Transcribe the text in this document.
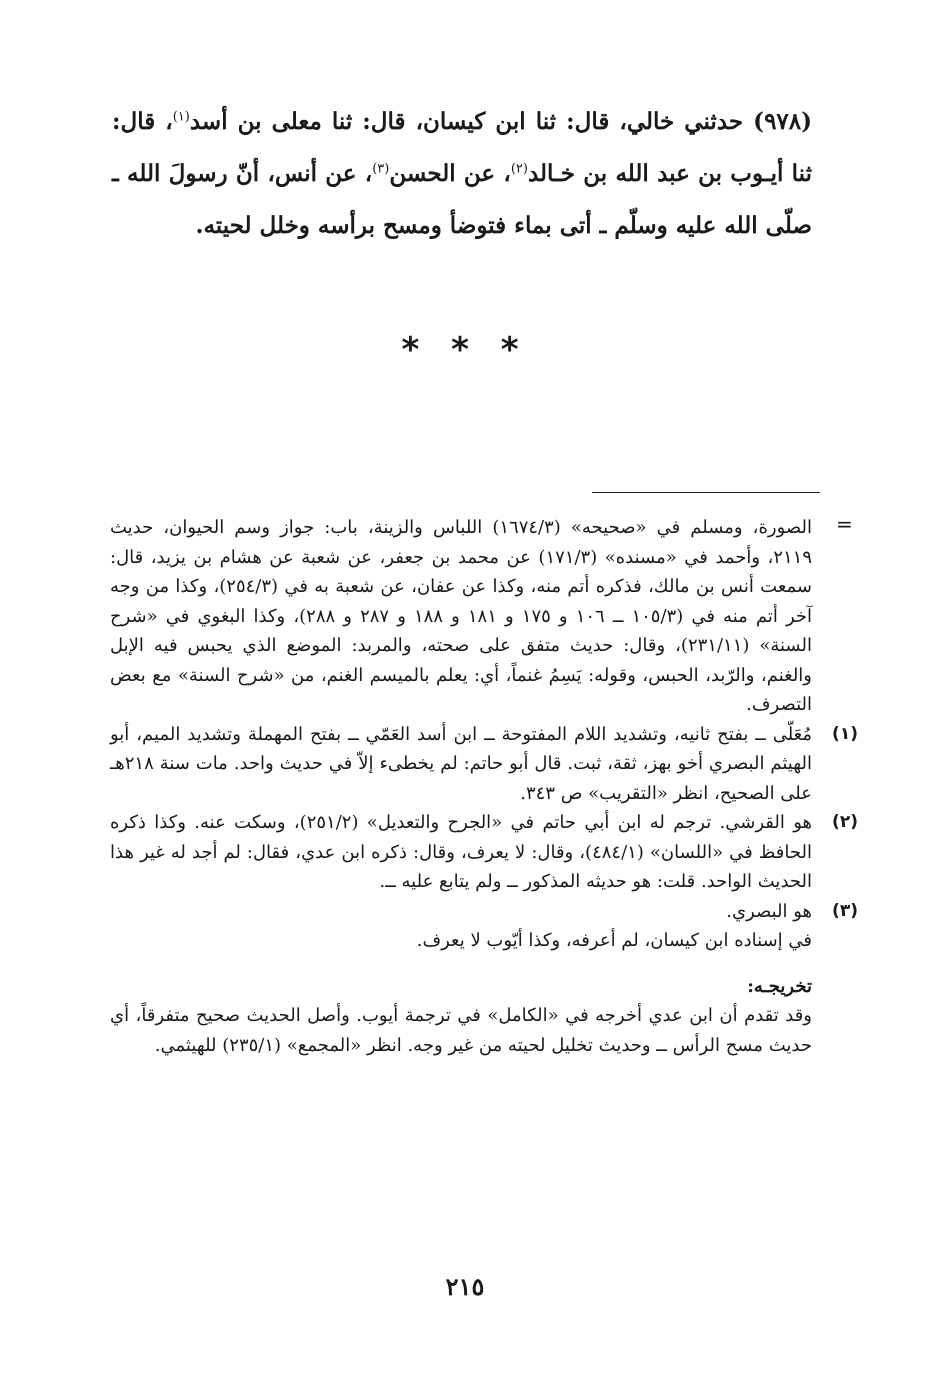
(٩٧٨) حدثني خالي، قال: ثنا ابن كيسان، قال: ثنا معلى بن أسد$^{(١)}$، قال: ثنا أيـوب بن عبد الله بن خـالد$^{(٢)}$، عن الحسن$^{(٣)}$، عن أنس، أنّ رسولَ الله ـ صلّى الله عليه وسلّم ـ أتى بماء فتوضأ ومسح برأسه وخلل لحيته.

* * *
=

الصورة، ومسلم في «صحيحه» (١٦٧٤/٣) اللباس والزينة، باب: جواز وسم الحيوان، حديث ٢١١٩، وأحمد في «مسنده» (١٧١/٣) عن محمد بن جعفر، عن شعبة عن هشام بن يزيد، قال: سمعت أنس بن مالك، فذكره أتم منه، وكذا عن عفان، عن شعبة به في (٢٥٤/٣)، وكذا من وجه آخر أتم منه في (١٠٥/٣ ــ ١٠٦ و ١٧٥ و ١٨١ و ١٨٨ و ٢٨٧ و ٢٨٨)، وكذا البغوي في «شرح السنة» (٢٣١/١١)، وقال: حديث متفق على صحته، والمربد: الموضع الذي يحبس فيه الإبل والغنم، والرّبد، الحبس، وقوله: يَسِمُ غنماً، أي: يعلم بالميسم الغنم، من «شرح السنة» مع بعض التصرف.

(١)

مُعَلّى ــ بفتح ثانيه، وتشديد اللام المفتوحة ــ ابن أسد العَمّي ــ بفتح المهملة وتشديد الميم، أبو الهيثم البصري أخو بهز، ثقة، ثبت. قال أبو حاتم: لم يخطىء إلاّ في حديث واحد. مات سنة ٢١٨هـ على الصحيح، انظر «التقريب» ص ٣٤٣.

(٢)

هو القرشي. ترجم له ابن أبي حاتم في «الجرح والتعديل» (٢٥١/٢)، وسكت عنه. وكذا ذكره الحافظ في «اللسان» (٤٨٤/١)، وقال: لا يعرف، وقال: ذكره ابن عدي، فقال: لم أجد له غير هذا الحديث الواحد. قلت: هو حديثه المذكور ــ ولم يتابع عليه ــ.

(٣)

هو البصري.

في إسناده ابن كيسان، لم أعرفه، وكذا أيّوب لا يعرف.

تخريجـه:

وقد تقدم أن ابن عدي أخرجه في «الكامل» في ترجمة أيوب. وأصل الحديث صحيح متفرقاً، أي حديث مسح الرأس ــ وحديث تخليل لحيته من غير وجه. انظر «المجمع» (٢٣٥/١) للهيثمي.

٢١٥
